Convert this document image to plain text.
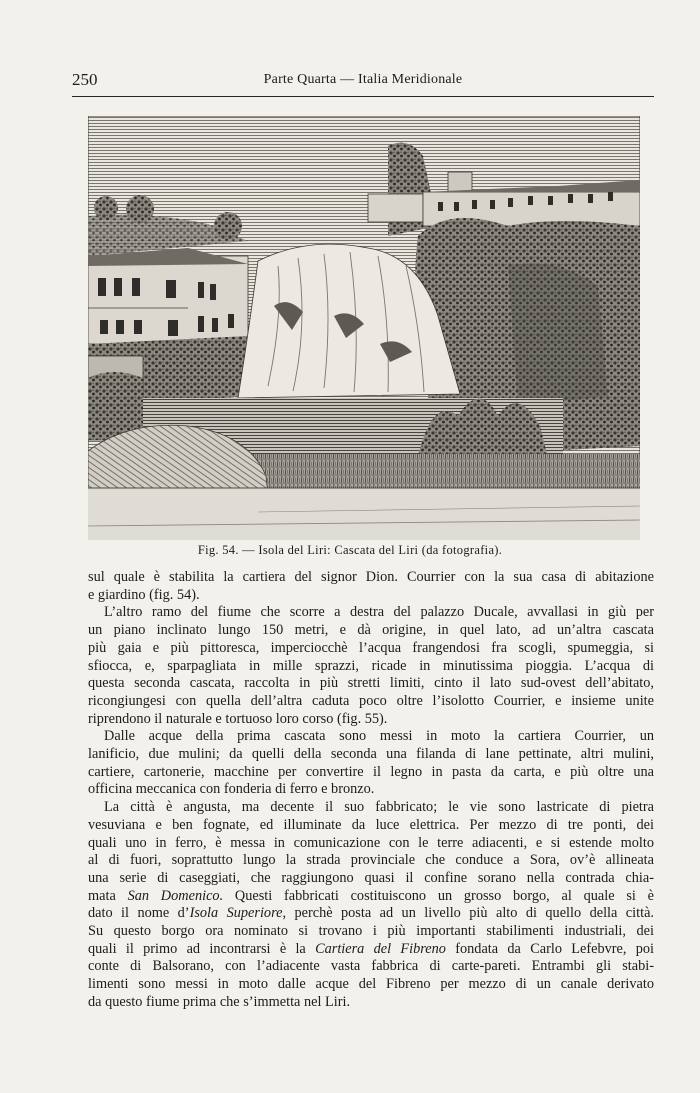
250	Parte Quarta — Italia Meridionale
Fig. 54. — Isola del Liri: Cascata del Liri (da fotografia).
sul quale è stabilita la cartiera del signor Dion. Courrier con la sua casa di abitazione
e giardino (fig. 54).
L’altro ramo del fiume che scorre a destra del palazzo Ducale, avvallasi in giù per
un piano inclinato lungo 150 metri, e dà origine, in quel lato, ad un’altra cascata
più gaia e più pittoresca, imperciocchè l’acqua frangendosi fra scogli, spumeggia, si
sfiocca, e, sparpagliata in mille sprazzi, ricade in minutissima pioggia. L’acqua di
questa seconda cascata, raccolta in più stretti limiti, cinto il lato sud-ovest dell’abitato,
ricongiungesi con quella dell’altra caduta poco oltre l’isolotto Courrier, e insieme unite
riprendono il naturale e tortuoso loro corso (fig. 55).
Dalle acque della prima cascata sono messi in moto la cartiera Courrier, un
lanificio, due mulini; da quelli della seconda una filanda di lane pettinate, altri mulini,
cartiere, cartonerie, macchine per convertire il legno in pasta da carta, e più oltre una
officina meccanica con fonderia di ferro e bronzo.
La città è angusta, ma decente il suo fabbricato; le vie sono lastricate di pietra
vesuviana e ben fognate, ed illuminate da luce elettrica. Per mezzo di tre ponti, dei
quali uno in ferro, è messa in comunicazione con le terre adiacenti, e si estende molto
al di fuori, soprattutto lungo la strada provinciale che conduce a Sora, ov’è allineata
una serie di caseggiati, che raggiungono quasi il confine sorano nella contrada chia-
mata San Domenico. Questi fabbricati costituiscono un grosso borgo, al quale si è
dato il nome d’Isola Superiore, perchè posta ad un livello più alto di quello della città.
Su questo borgo ora nominato si trovano i più importanti stabilimenti industriali, dei
quali il primo ad incontrarsi è la Cartiera del Fibreno fondata da Carlo Lefebvre, poi
conte di Balsorano, con l’adiacente vasta fabbrica di carte-pareti. Entrambi gli stabi-
limenti sono messi in moto dalle acque del Fibreno per mezzo di un canale derivato
da questo fiume prima che s’immetta nel Liri.
